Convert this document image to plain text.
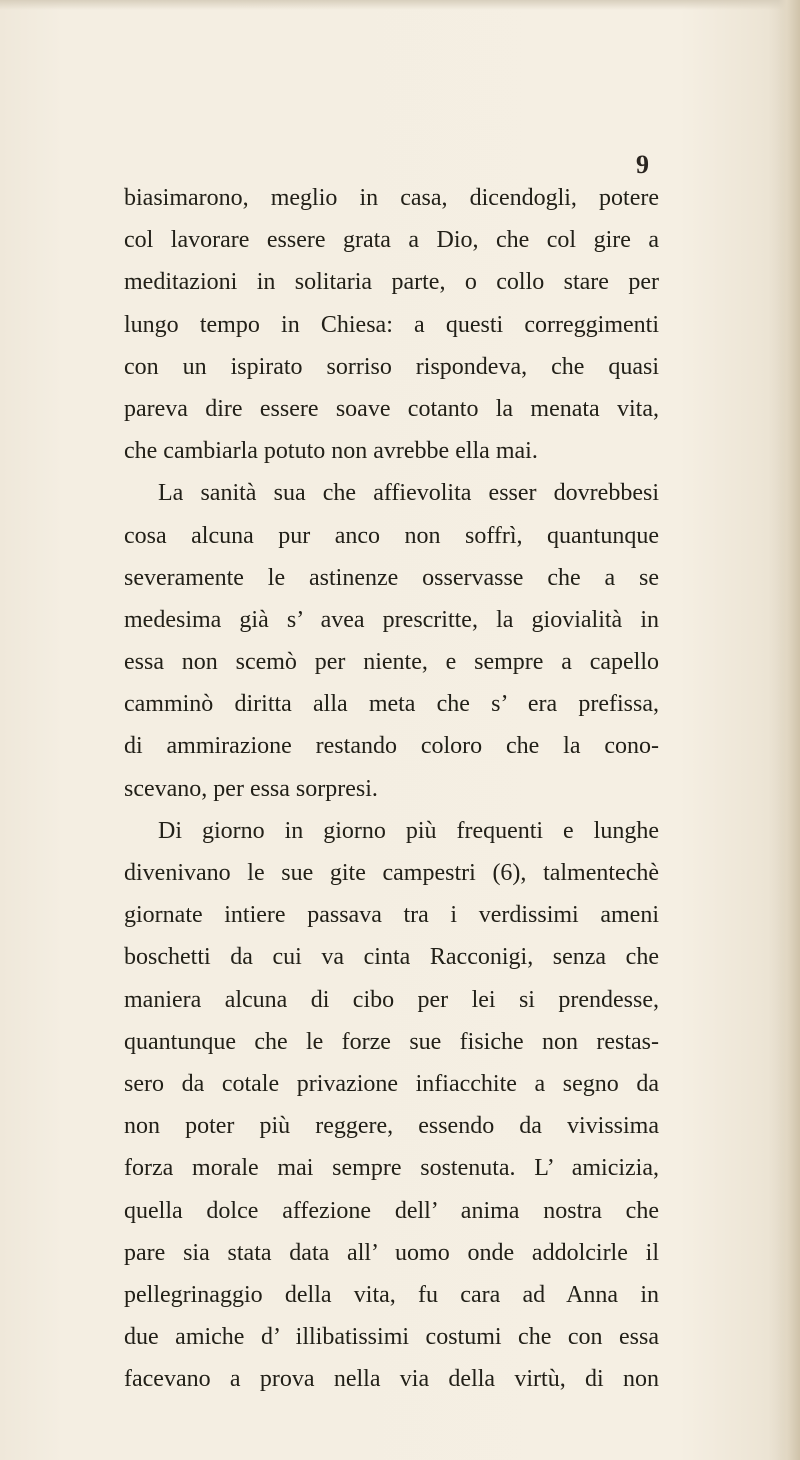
9
biasimarono, meglio in casa, dicendogli, potere
col lavorare essere grata a Dio, che col gire a
meditazioni in solitaria parte, o collo stare per
lungo tempo in Chiesa: a questi correggimenti
con un ispirato sorriso rispondeva, che quasi
pareva dire essere soave cotanto la menata vita,
che cambiarla potuto non avrebbe ella mai.
La sanità sua che affievolita esser dovrebbesi
cosa alcuna pur anco non soffrì, quantunque
severamente le astinenze osservasse che a se
medesima già s’ avea prescritte, la giovialità in
essa non scemò per niente, e sempre a capello
camminò diritta alla meta che s’ era prefissa,
di ammirazione restando coloro che la cono-
scevano, per essa sorpresi.
Di giorno in giorno più frequenti e lunghe
divenivano le sue gite campestri (6), talmentechè
giornate intiere passava tra i verdissimi ameni
boschetti da cui va cinta Racconigi, senza che
maniera alcuna di cibo per lei si prendesse,
quantunque che le forze sue fisiche non restas-
sero da cotale privazione infiacchite a segno da
non poter più reggere, essendo da vivissima
forza morale mai sempre sostenuta. L’ amicizia,
quella dolce affezione dell’ anima nostra che
pare sia stata data all’ uomo onde addolcirle il
pellegrinaggio della vita, fu cara ad Anna in
due amiche d’ illibatissimi costumi che con essa
facevano a prova nella via della virtù, di non
